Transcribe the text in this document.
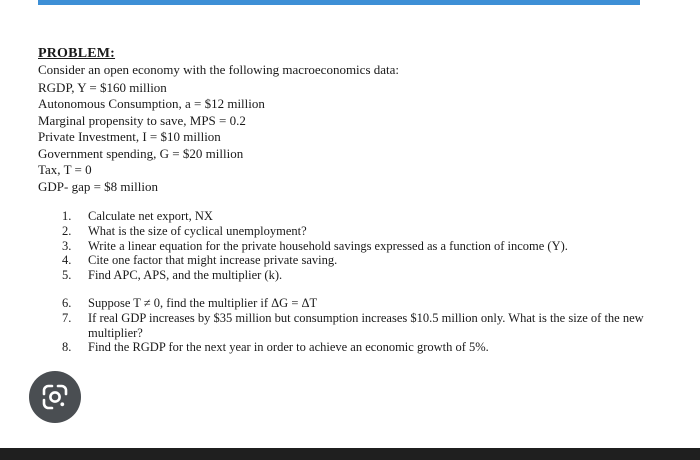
PROBLEM:
Consider an open economy with the following macroeconomics data:
RGDP, Y = $160 million
Autonomous Consumption, a = $12 million
Marginal propensity to save, MPS = 0.2
Private Investment, I = $10 million
Government spending, G = $20 million
Tax, T = 0
GDP- gap = $8 million
1. Calculate net export, NX
2. What is the size of cyclical unemployment?
3. Write a linear equation for the private household savings expressed as a function of income (Y).
4. Cite one factor that might increase private saving.
5. Find APC, APS, and the multiplier (k).
6. Suppose T ≠ 0, find the multiplier if ΔG = ΔT
7. If real GDP increases by $35 million but consumption increases $10.5 million only. What is the size of the new multiplier?
8. Find the RGDP for the next year in order to achieve an economic growth of 5%.
